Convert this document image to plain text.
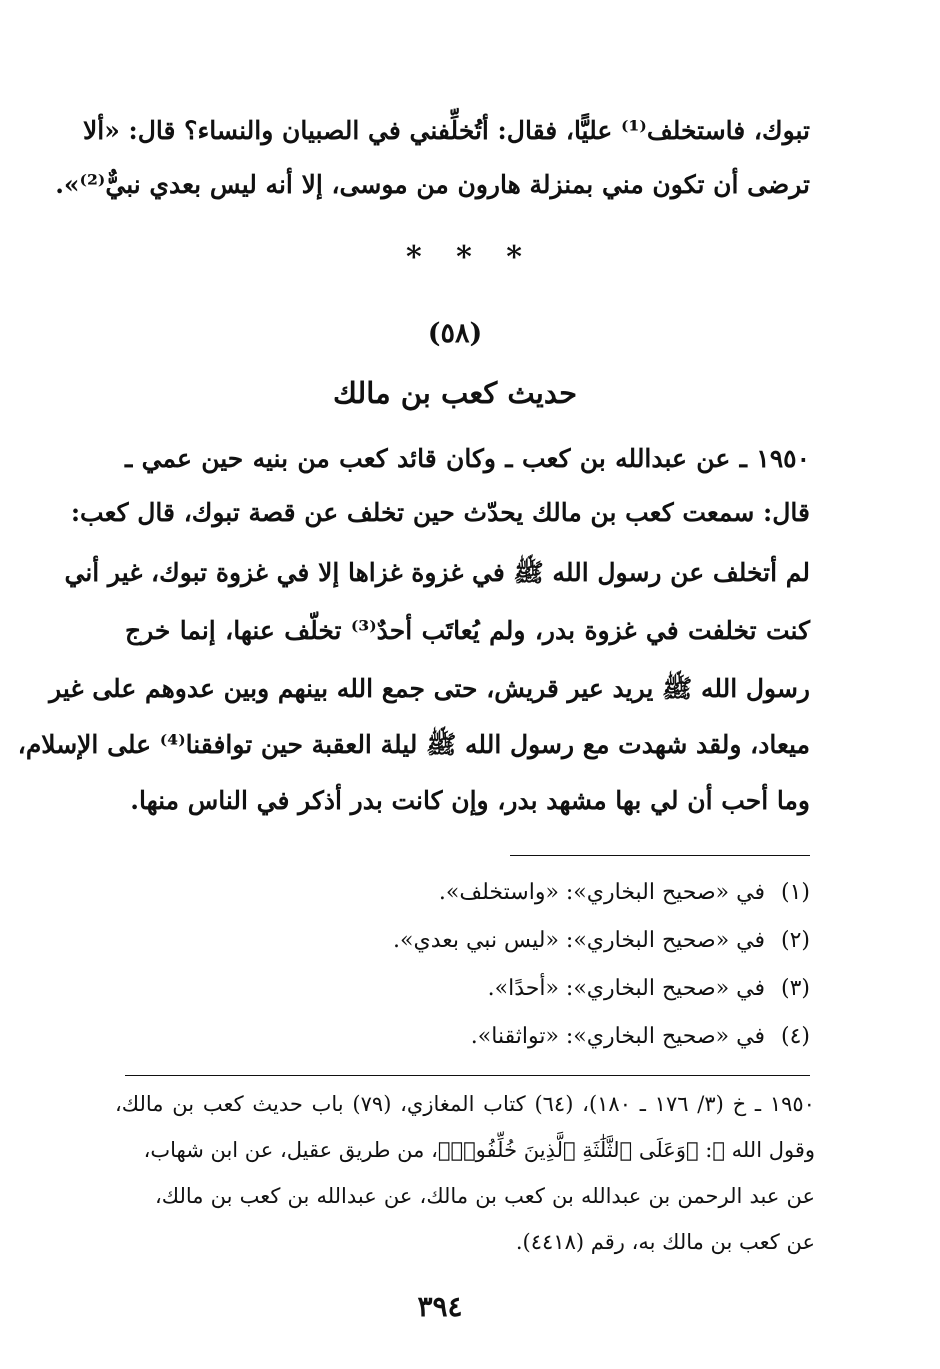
تبوك، فاستخلف⁽¹⁾ عليًّا، فقال: أتُخلِّفني في الصبيان والنساء؟ قال: «ألا
ترضى أن تكون مني بمنزلة هارون من موسى، إلا أنه ليس بعدي نبيٌّ⁽²⁾».
* * *
(٥٨)
حديث كعب بن مالك
١٩٥٠ ـ عن عبدالله بن كعب ـ وكان قائد كعب من بنيه حين عمي ـ
قال: سمعت كعب بن مالك يحدّث حين تخلف عن قصة تبوك، قال كعب:
لم أتخلف عن رسول الله ﷺ في غزوة غزاها إلا في غزوة تبوك، غير أني
كنت تخلفت في غزوة بدر، ولم يُعاتَب أحدٌ⁽³⁾ تخلّف عنها، إنما خرج
رسول الله ﷺ يريد عير قريش، حتى جمع الله بينهم وبين عدوهم على غير
ميعاد، ولقد شهدت مع رسول الله ﷺ ليلة العقبة حين توافقنا⁽⁴⁾ على الإسلام،
وما أحب أن لي بها مشهد بدر، وإن كانت بدر أذكر في الناس منها.
(١)في «صحيح البخاري»: «واستخلف».
(٢)في «صحيح البخاري»: «ليس نبي بعدي».
(٣)في «صحيح البخاري»: «أحدًا».
(٤)في «صحيح البخاري»: «تواثقنا».
١٩٥٠ ـ خ (٣/ ١٧٦ ـ ١٨٠)، (٦٤) كتاب المغازي، (٧٩) باب حديث كعب بن مالك،
وقول الله ﷻ: ﴿وَعَلَى ٱلثَّلَٰثَةِ ٱلَّذِينَ خُلِّفُوا۟﴾، من طريق عقيل، عن ابن شهاب،
عن عبد الرحمن بن عبدالله بن كعب بن مالك، عن عبدالله بن كعب بن مالك،
عن كعب بن مالك به، رقم (٤٤١٨).
٣٩٤
